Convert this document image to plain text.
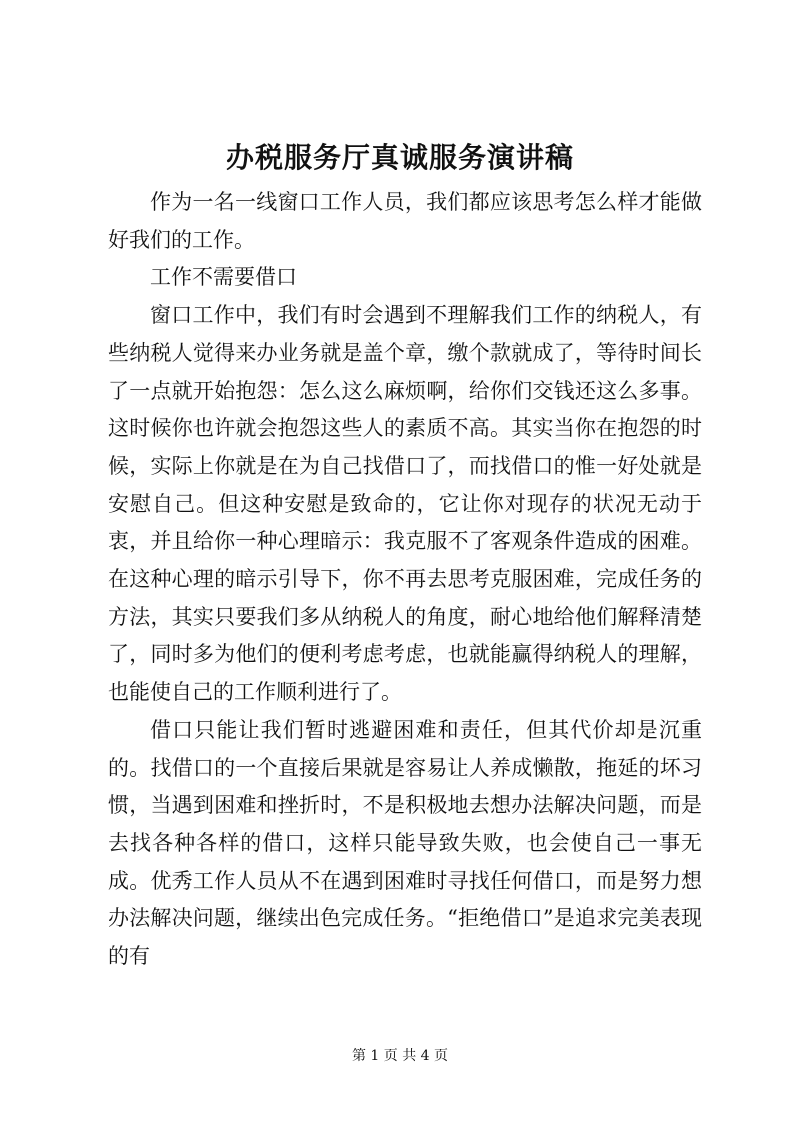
办税服务厅真诚服务演讲稿

作为一名一线窗口工作人员，我们都应该思考怎么样才能做好我们的工作。

工作不需要借口

窗口工作中，我们有时会遇到不理解我们工作的纳税人，有些纳税人觉得来办业务就是盖个章，缴个款就成了，等待时间长了一点就开始抱怨：怎么这么麻烦啊，给你们交钱还这么多事。这时候你也许就会抱怨这些人的素质不高。其实当你在抱怨的时候，实际上你就是在为自己找借口了，而找借口的惟一好处就是安慰自己。但这种安慰是致命的，它让你对现存的状况无动于衷，并且给你一种心理暗示：我克服不了客观条件造成的困难。在这种心理的暗示引导下，你不再去思考克服困难，完成任务的方法，其实只要我们多从纳税人的角度，耐心地给他们解释清楚了，同时多为他们的便利考虑考虑，也就能赢得纳税人的理解，也能使自己的工作顺利进行了。

借口只能让我们暂时逃避困难和责任，但其代价却是沉重的。找借口的一个直接后果就是容易让人养成懒散，拖延的坏习惯，当遇到困难和挫折时，不是积极地去想办法解决问题，而是去找各种各样的借口，这样只能导致失败，也会使自己一事无成。优秀工作人员从不在遇到困难时寻找任何借口，而是努力想办法解决问题，继续出色完成任务。“拒绝借口”是追求完美表现的有

第 1 页 共 4 页
